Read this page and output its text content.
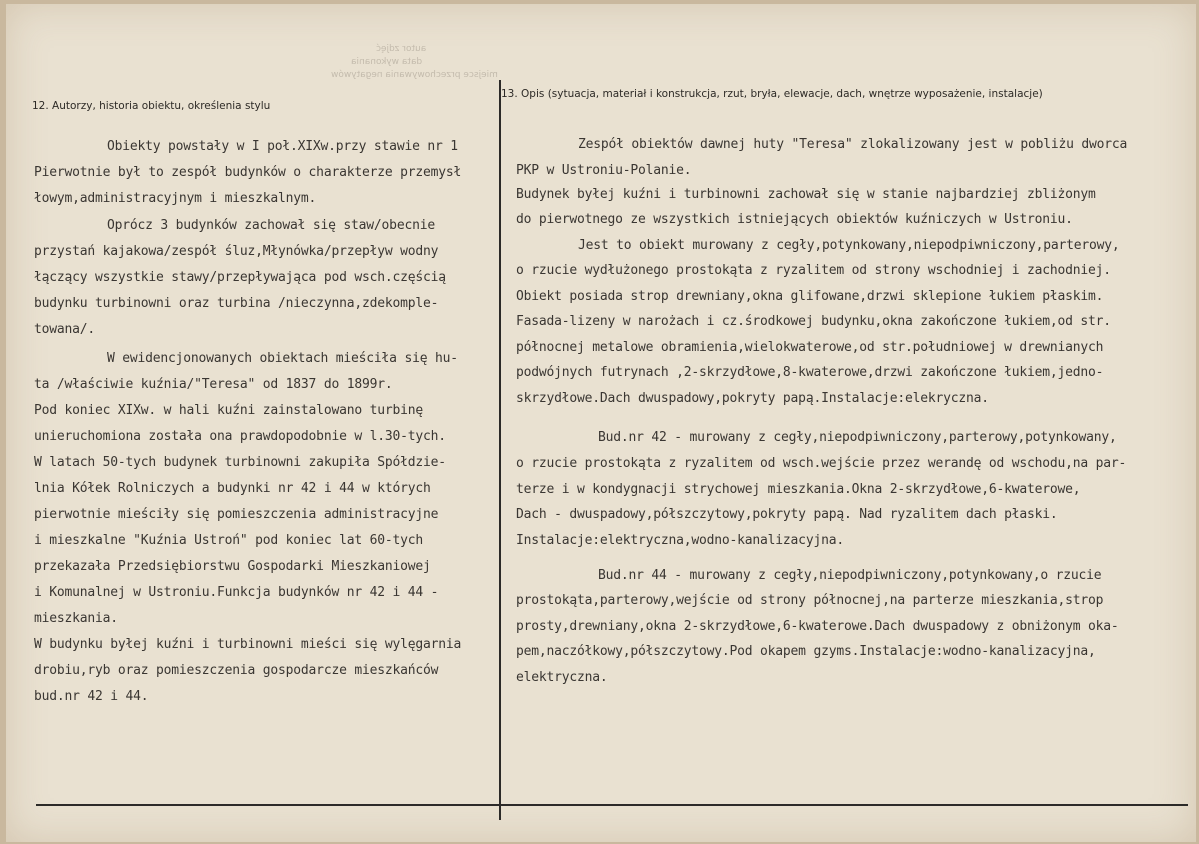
autor zdjęć
data wykonania
miejsce przechowywania negatywów
12. Autorzy, historia obiektu, określenia stylu
13. Opis (sytuacja, materiał i konstrukcja, rzut, bryła, elewacje, dach, wnętrze wyposażenie, instalacje)
Obiekty powstały w I poł.XIXw.przy stawie nr 1
Pierwotnie był to zespół budynków o charakterze przemysł
łowym,administracyjnym i mieszkalnym.
Oprócz 3 budynków zachował się staw/obecnie
przystań kajakowa/zespół śluz,Młynówka/przepływ wodny
łączący wszystkie stawy/przepływająca pod wsch.częścią
budynku turbinowni oraz turbina /nieczynna,zdekomple-
towana/.
W ewidencjonowanych obiektach mieściła się hu-
ta /właściwie kuźnia/"Teresa" od 1837 do 1899r.
Pod koniec XIXw. w hali kuźni zainstalowano turbinę
unieruchomiona została ona prawdopodobnie w l.30-tych.
W latach 50-tych budynek turbinowni zakupiła Spółdzie-
lnia Kółek Rolniczych a budynki nr 42 i 44 w których
pierwotnie mieściły się pomieszczenia administracyjne
i mieszkalne "Kuźnia Ustroń" pod koniec lat 60-tych
przekazała Przedsiębiorstwu Gospodarki Mieszkaniowej
i Komunalnej w Ustroniu.Funkcja budynków nr 42 i 44 -
mieszkania.
W budynku byłej kuźni i turbinowni mieści się wylęgarnia
drobiu,ryb oraz pomieszczenia gospodarcze mieszkańców
bud.nr 42 i 44.
Zespół obiektów dawnej huty "Teresa" zlokalizowany jest w pobliżu dworca
PKP w Ustroniu-Polanie.
Budynek byłej kuźni i turbinowni zachował się w stanie najbardziej zbliżonym
do pierwotnego ze wszystkich istniejących obiektów kuźniczych w Ustroniu.
Jest to obiekt murowany z cegły,potynkowany,niepodpiwniczony,parterowy,
o rzucie wydłużonego prostokąta z ryzalitem od strony wschodniej i zachodniej.
Obiekt posiada strop drewniany,okna glifowane,drzwi sklepione łukiem płaskim.
Fasada-lizeny w narożach i cz.środkowej budynku,okna zakończone łukiem,od str.
północnej metalowe obramienia,wielokwaterowe,od str.południowej w drewnianych
podwójnych futrynach ,2-skrzydłowe,8-kwaterowe,drzwi zakończone łukiem,jedno-
skrzydłowe.Dach dwuspadowy,pokryty papą.Instalacje:elekryczna.
Bud.nr 42 - murowany z cegły,niepodpiwniczony,parterowy,potynkowany,
o rzucie prostokąta z ryzalitem od wsch.wejście przez werandę od wschodu,na par-
terze i w kondygnacji strychowej mieszkania.Okna 2-skrzydłowe,6-kwaterowe,
Dach - dwuspadowy,półszczytowy,pokryty papą. Nad ryzalitem dach płaski.
Instalacje:elektryczna,wodno-kanalizacyjna.
Bud.nr 44 - murowany z cegły,niepodpiwniczony,potynkowany,o rzucie
prostokąta,parterowy,wejście od strony północnej,na parterze mieszkania,strop
prosty,drewniany,okna 2-skrzydłowe,6-kwaterowe.Dach dwuspadowy z obniżonym oka-
pem,naczółkowy,półszczytowy.Pod okapem gzyms.Instalacje:wodno-kanalizacyjna,
elektryczna.
